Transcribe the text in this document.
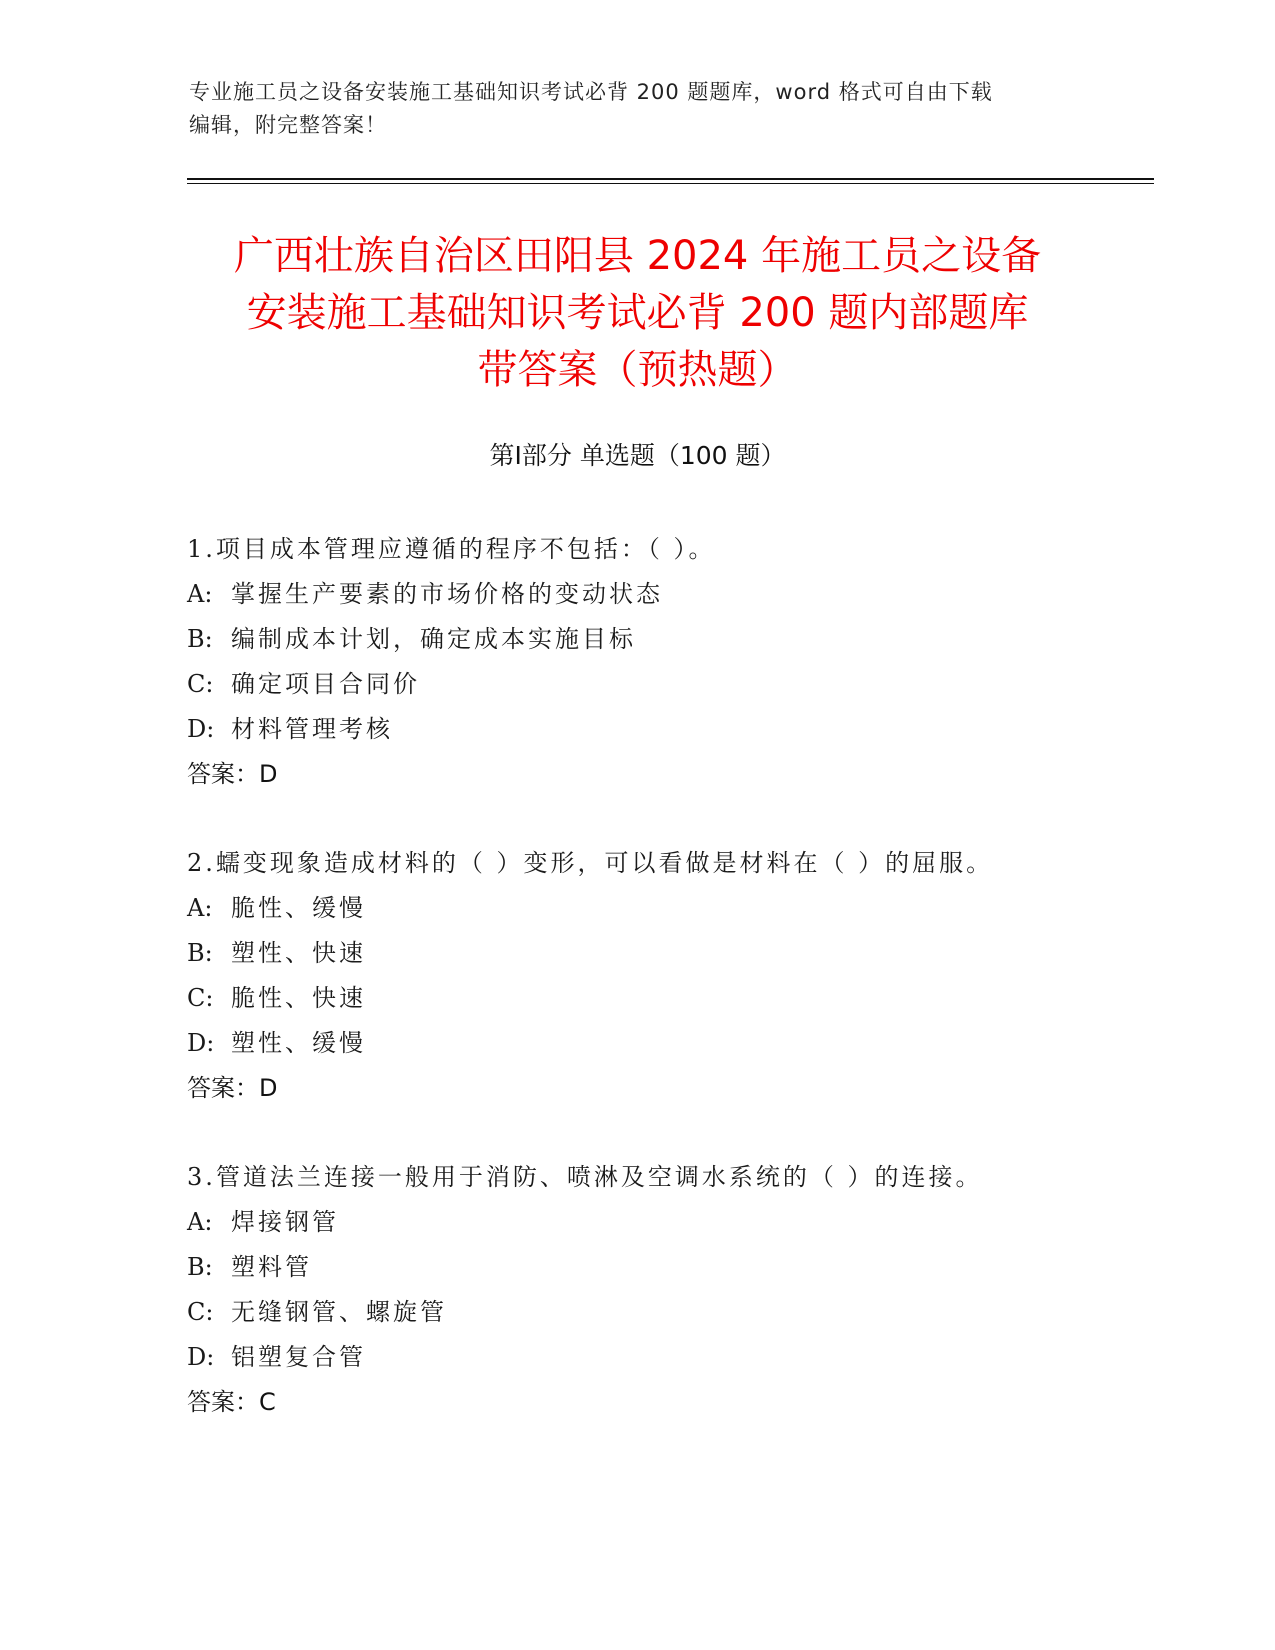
专业施工员之设备安装施工基础知识考试必背 200 题题库，word 格式可自由下载
编辑，附完整答案！
广西壮族自治区田阳县 2024 年施工员之设备
安装施工基础知识考试必背 200 题内部题库
带答案（预热题）
第Ⅰ部分 单选题（100 题）
1.项目成本管理应遵循的程序不包括：（ ）。
A: 掌握生产要素的市场价格的变动状态
B: 编制成本计划，确定成本实施目标
C: 确定项目合同价
D: 材料管理考核
答案：D
2.蠕变现象造成材料的（ ）变形，可以看做是材料在（ ）的屈服。
A: 脆性、缓慢
B: 塑性、快速
C: 脆性、快速
D: 塑性、缓慢
答案：D
3.管道法兰连接一般用于消防、喷淋及空调水系统的（ ）的连接。
A: 焊接钢管
B: 塑料管
C: 无缝钢管、螺旋管
D: 铝塑复合管
答案：C
